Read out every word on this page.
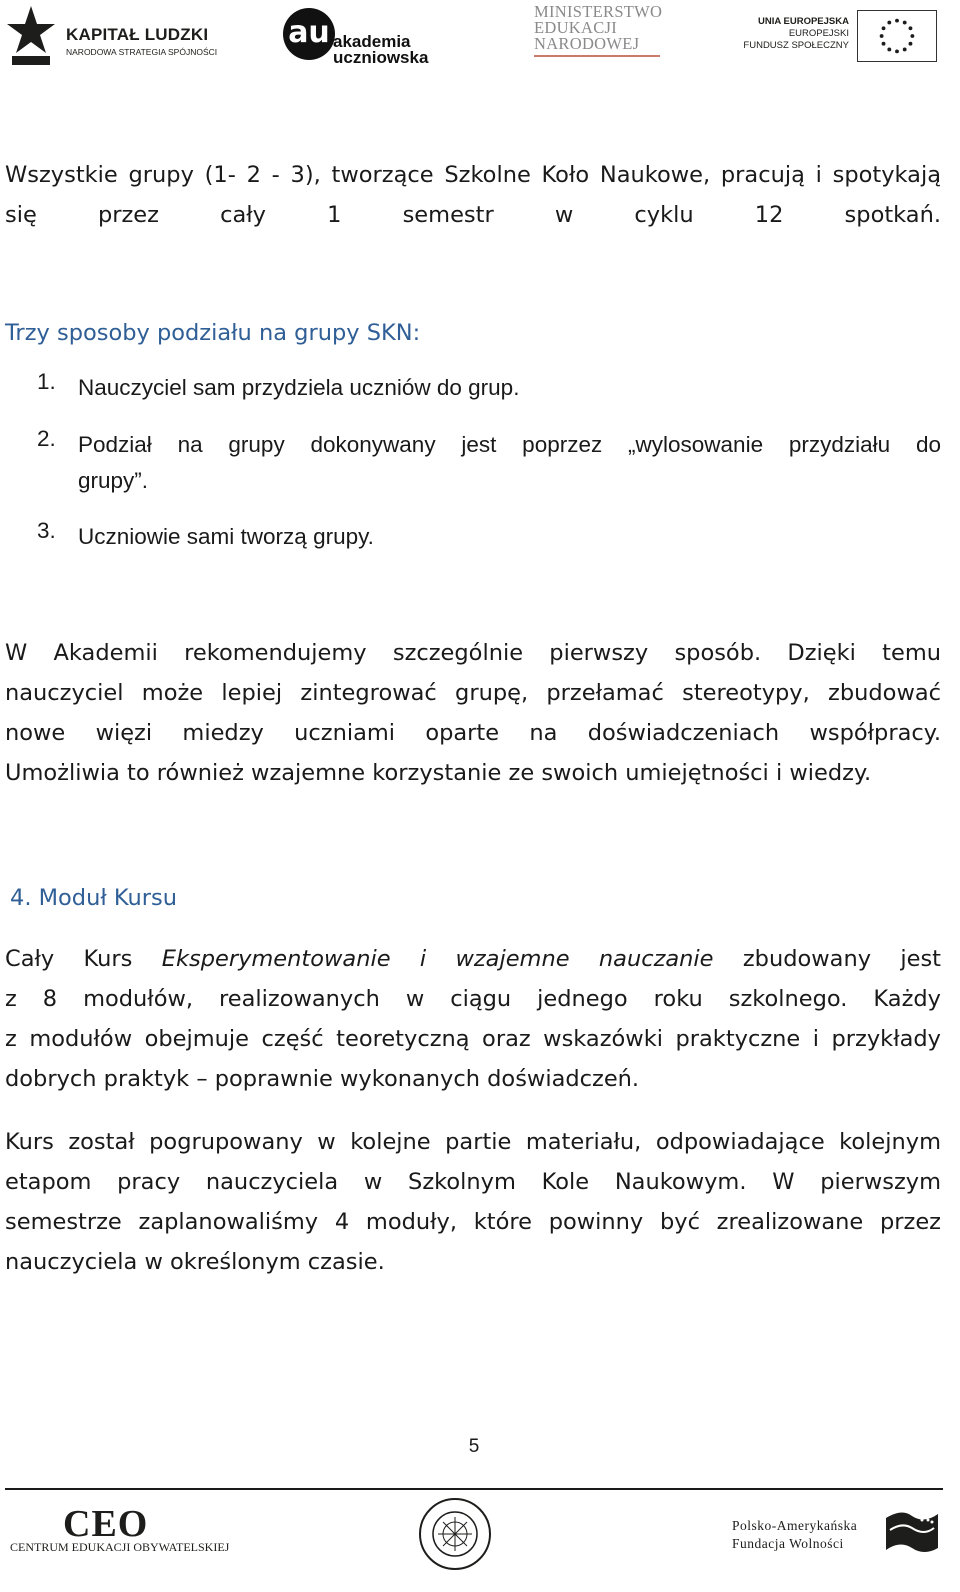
KAPITAŁ LUDZKI
NARODOWA STRATEGIA SPÓJNOŚCI
au akademia
uczniowska
MINISTERSTWO
EDUKACJI
NARODOWEJ
UNIA EUROPEJSKA
EUROPEJSKI
FUNDUSZ SPOŁECZNY
Wszystkie grupy (1- 2 - 3), tworzące Szkolne Koło Naukowe, pracują i spotykają
się przez cały 1 semestr w cyklu 12 spotkań.
Trzy sposoby podziału na grupy SKN:
1. Nauczyciel sam przydziela uczniów do grup.
2. Podział na grupy dokonywany jest poprzez „wylosowanie przydziału do
grupy”.
3. Uczniowie sami tworzą grupy.
W Akademii rekomendujemy szczególnie pierwszy sposób. Dzięki temu
nauczyciel może lepiej zintegrować grupę, przełamać stereotypy, zbudować
nowe więzi miedzy uczniami oparte na doświadczeniach współpracy.
Umożliwia to również wzajemne korzystanie ze swoich umiejętności i wiedzy.
4. Moduł Kursu
Cały Kurs Eksperymentowanie i wzajemne nauczanie zbudowany jest
z 8 modułów, realizowanych w ciągu jednego roku szkolnego. Każdy
z modułów obejmuje część teoretyczną oraz wskazówki praktyczne i przykłady
dobrych praktyk – poprawnie wykonanych doświadczeń.
Kurs został pogrupowany w kolejne partie materiału, odpowiadające kolejnym
etapom pracy nauczyciela w Szkolnym Kole Naukowym. W pierwszym
semestrze zaplanowaliśmy 4 moduły, które powinny być zrealizowane przez
nauczyciela w określonym czasie.
5
CEO
CENTRUM EDUKACJI OBYWATELSKIEJ
Polsko-Amerykańska
Fundacja Wolności
